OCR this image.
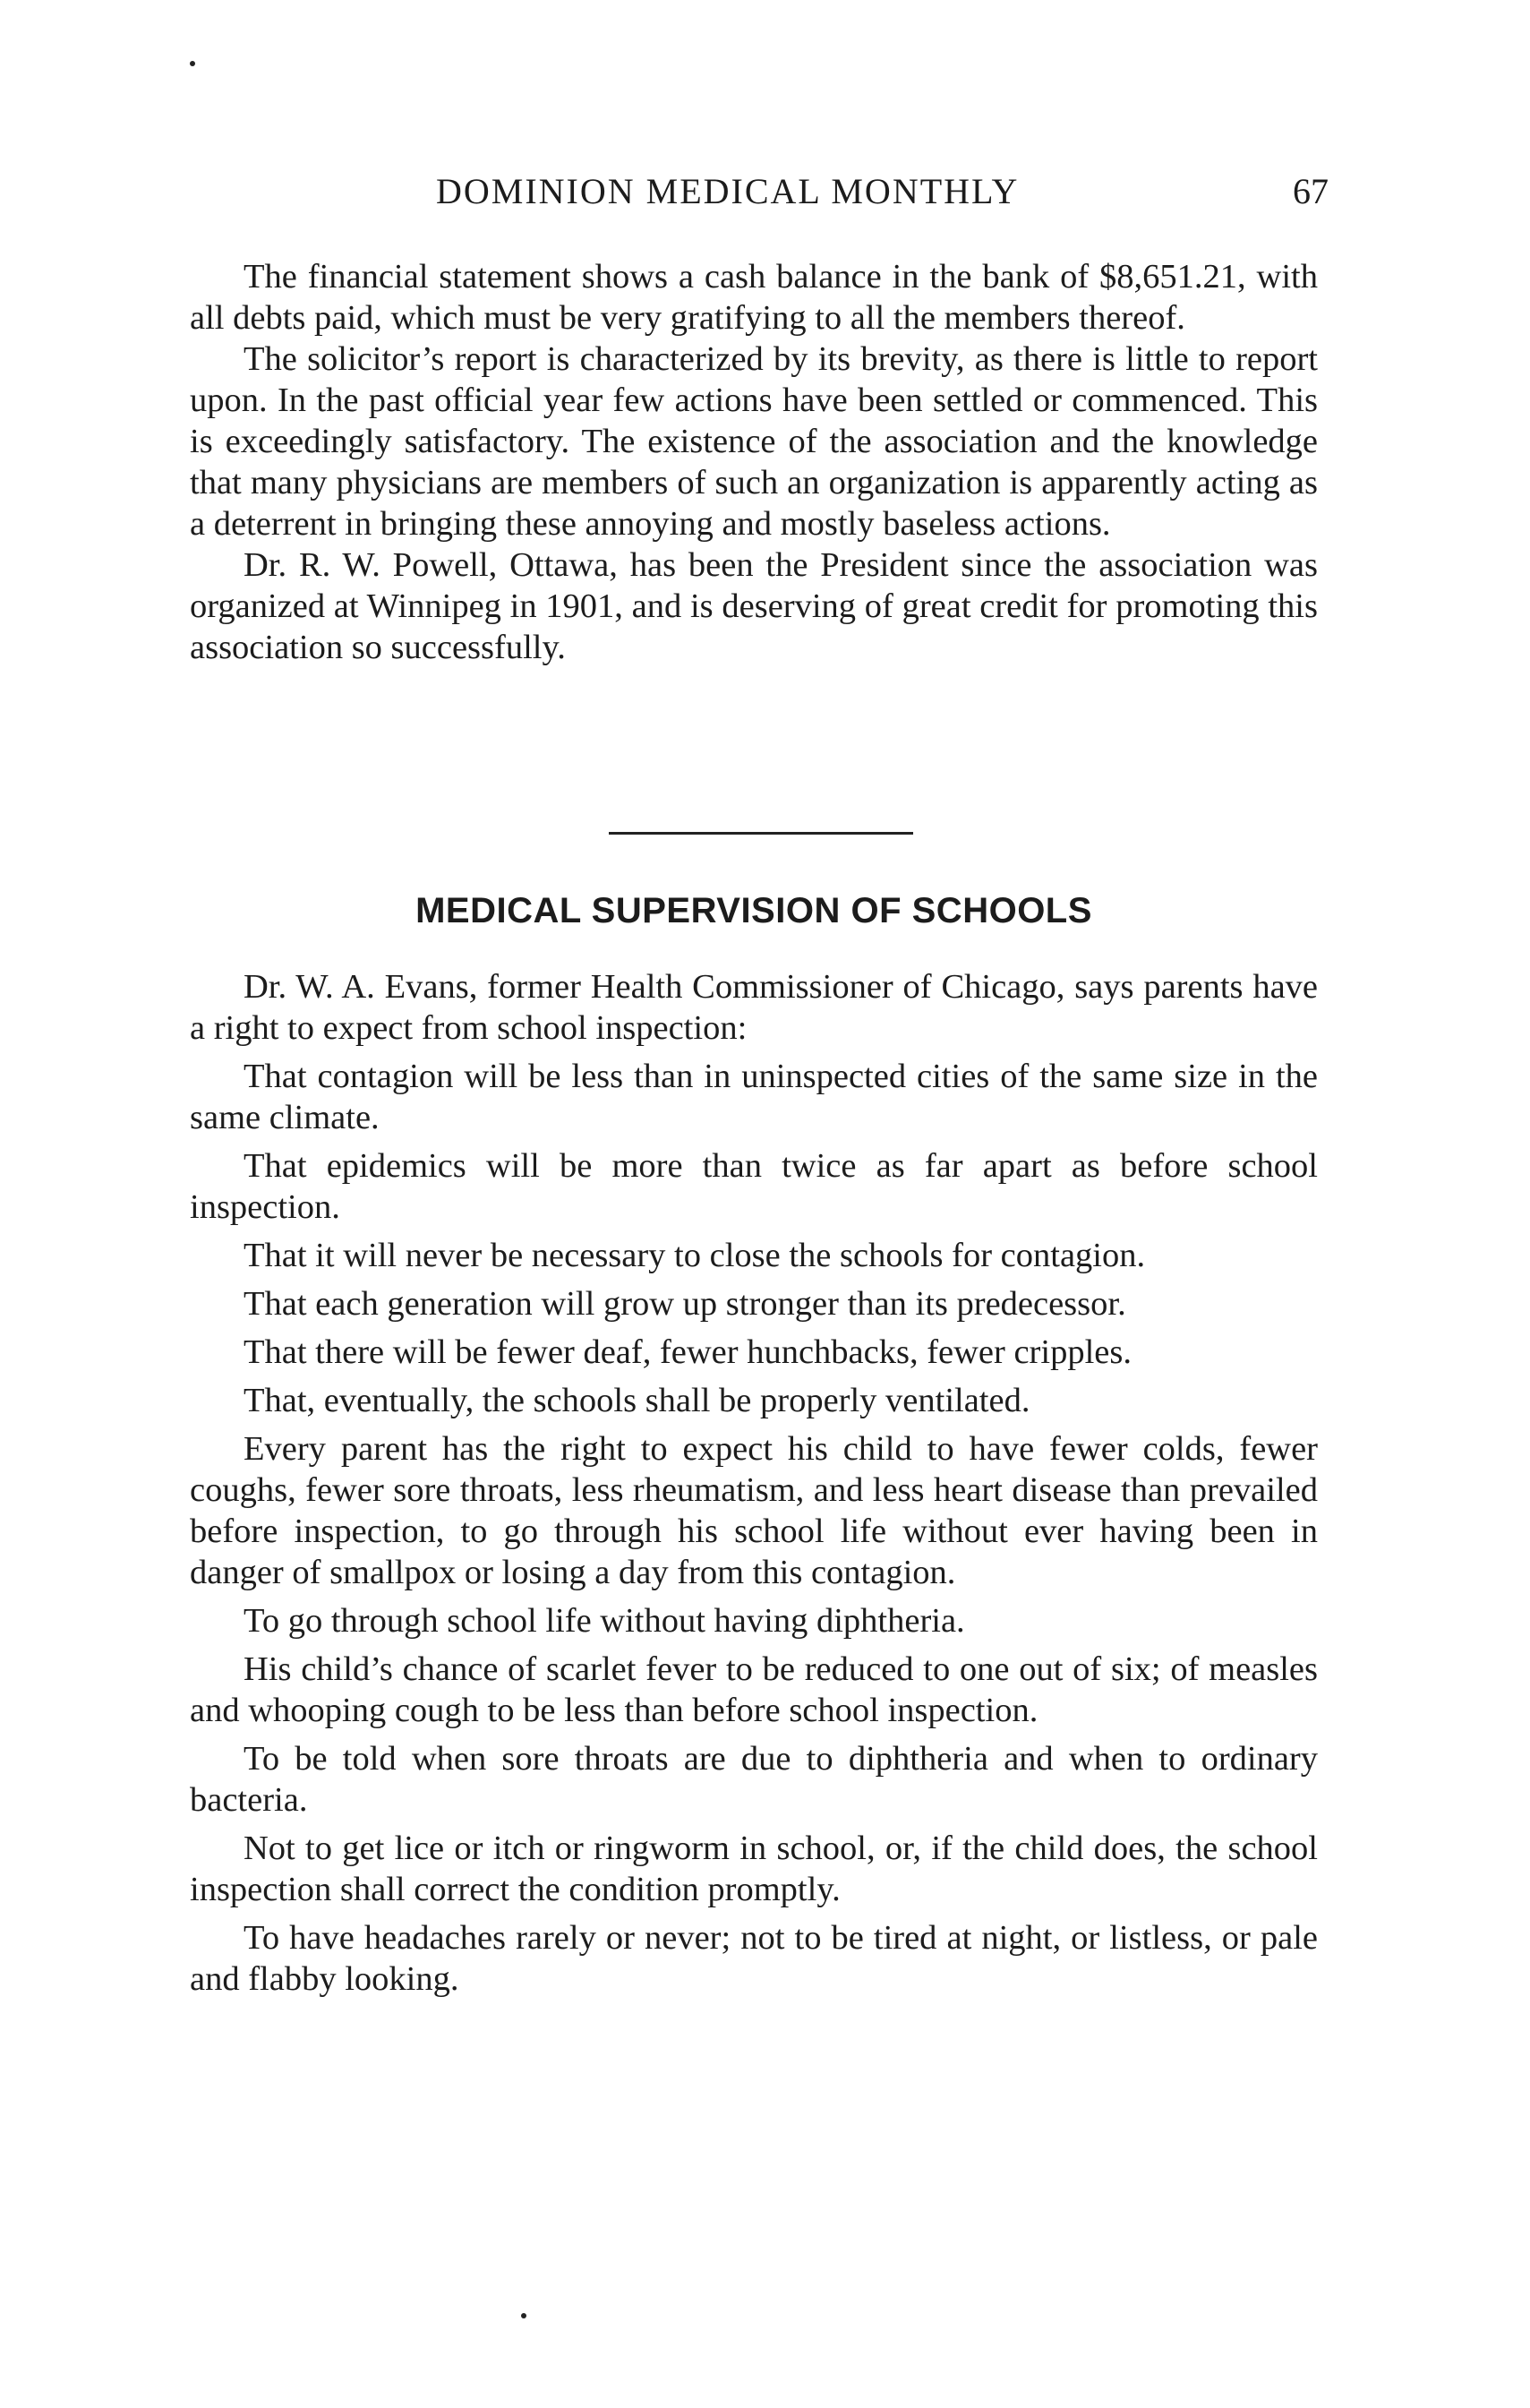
DOMINION MEDICAL MONTHLY	67

The financial statement shows a cash balance in the bank of $8,651.21, with all debts paid, which must be very gratifying to all the members thereof.

The solicitor’s report is characterized by its brevity, as there is little to report upon. In the past official year few actions have been settled or commenced. This is exceedingly satisfactory. The existence of the association and the knowledge that many physicians are members of such an organization is apparently acting as a deterrent in bringing these annoying and mostly baseless actions.

Dr. R. W. Powell, Ottawa, has been the President since the association was organized at Winnipeg in 1901, and is deserving of great credit for promoting this association so successfully.

MEDICAL SUPERVISION OF SCHOOLS

Dr. W. A. Evans, former Health Commissioner of Chicago, says parents have a right to expect from school inspection:

That contagion will be less than in uninspected cities of the same size in the same climate.

That epidemics will be more than twice as far apart as before school inspection.

That it will never be necessary to close the schools for contagion.

That each generation will grow up stronger than its predecessor.

That there will be fewer deaf, fewer hunchbacks, fewer cripples.

That, eventually, the schools shall be properly ventilated.

Every parent has the right to expect his child to have fewer colds, fewer coughs, fewer sore throats, less rheumatism, and less heart disease than prevailed before inspection, to go through his school life without ever having been in danger of smallpox or losing a day from this contagion.

To go through school life without having diphtheria.

His child’s chance of scarlet fever to be reduced to one out of six; of measles and whooping cough to be less than before school inspection.

To be told when sore throats are due to diphtheria and when to ordinary bacteria.

Not to get lice or itch or ringworm in school, or, if the child does, the school inspection shall correct the condition promptly.

To have headaches rarely or never; not to be tired at night, or listless, or pale and flabby looking.
